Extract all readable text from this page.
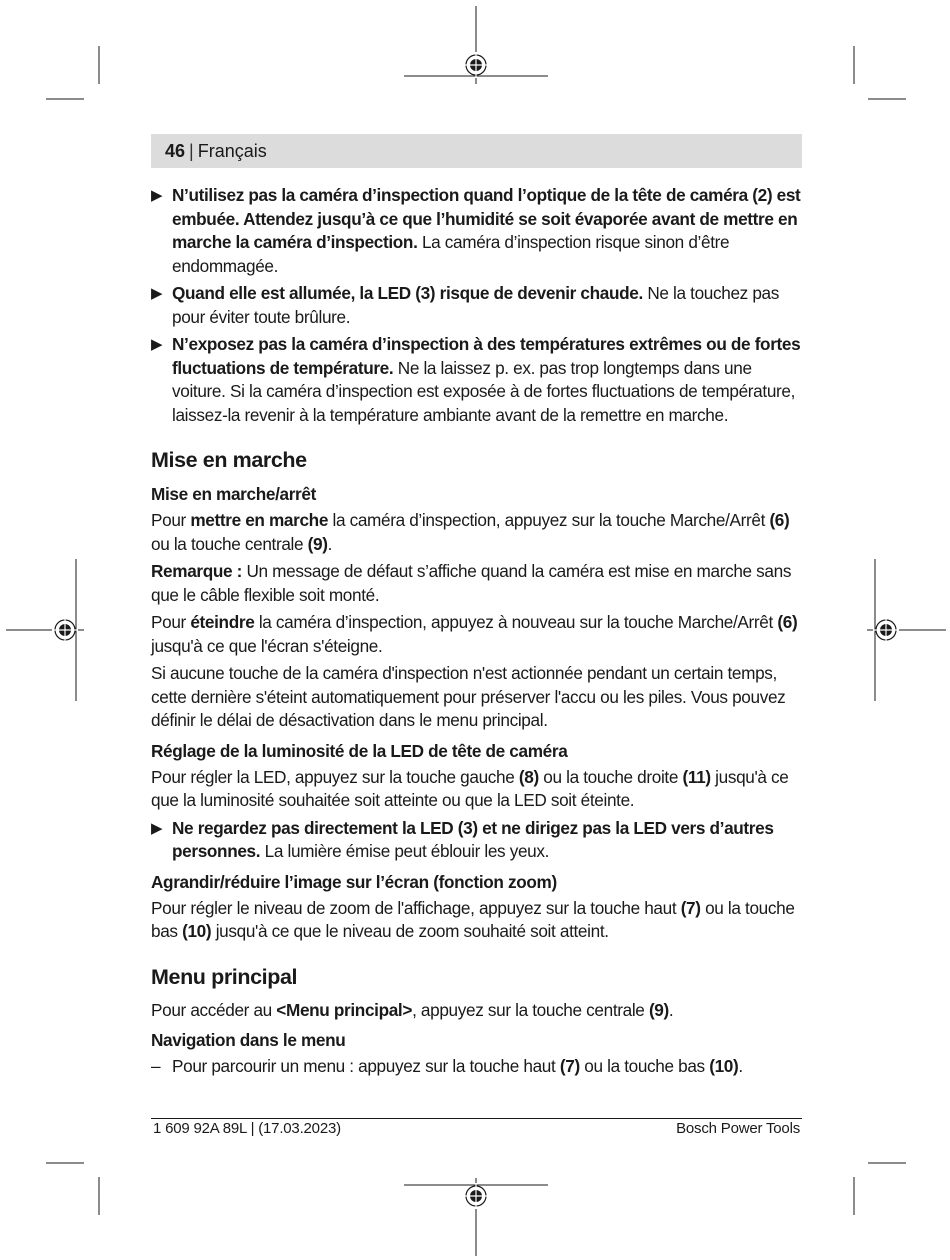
46 | Français

▶ N’utilisez pas la caméra d’inspection quand l’optique de la tête de caméra (2) est embuée. Attendez jusqu’à ce que l’humidité se soit évaporée avant de mettre en marche la caméra d’inspection. La caméra d’inspection risque sinon d’être endommagée.

▶ Quand elle est allumée, la LED (3) risque de devenir chaude. Ne la touchez pas pour éviter toute brûlure.

▶ N’exposez pas la caméra d’inspection à des températures extrêmes ou de fortes fluctuations de température. Ne la laissez p. ex. pas trop longtemps dans une voiture. Si la caméra d’inspection est exposée à de fortes fluctuations de température, laissez-la revenir à la température ambiante avant de la remettre en marche.

Mise en marche
Mise en marche/arrêt

Pour mettre en marche la caméra d’inspection, appuyez sur la touche Marche/Arrêt (6) ou la touche centrale (9).

Remarque : Un message de défaut s’affiche quand la caméra est mise en marche sans que le câble flexible soit monté.

Pour éteindre la caméra d’inspection, appuyez à nouveau sur la touche Marche/Arrêt (6) jusqu'à ce que l'écran s'éteigne.

Si aucune touche de la caméra d'inspection n'est actionnée pendant un certain temps, cette dernière s'éteint automatiquement pour préserver l'accu ou les piles. Vous pouvez définir le délai de désactivation dans le menu principal.

Réglage de la luminosité de la LED de tête de caméra

Pour régler la LED, appuyez sur la touche gauche (8) ou la touche droite (11) jusqu'à ce que la luminosité souhaitée soit atteinte ou que la LED soit éteinte.

▶ Ne regardez pas directement la LED (3) et ne dirigez pas la LED vers d’autres personnes. La lumière émise peut éblouir les yeux.

Agrandir/réduire l’image sur l’écran (fonction zoom)

Pour régler le niveau de zoom de l'affichage, appuyez sur la touche haut (7) ou la touche bas (10) jusqu'à ce que le niveau de zoom souhaité soit atteint.

Menu principal

Pour accéder au <Menu principal>, appuyez sur la touche centrale (9).

Navigation dans le menu

– Pour parcourir un menu : appuyez sur la touche haut (7) ou la touche bas (10).

1 609 92A 89L | (17.03.2023)	Bosch Power Tools
